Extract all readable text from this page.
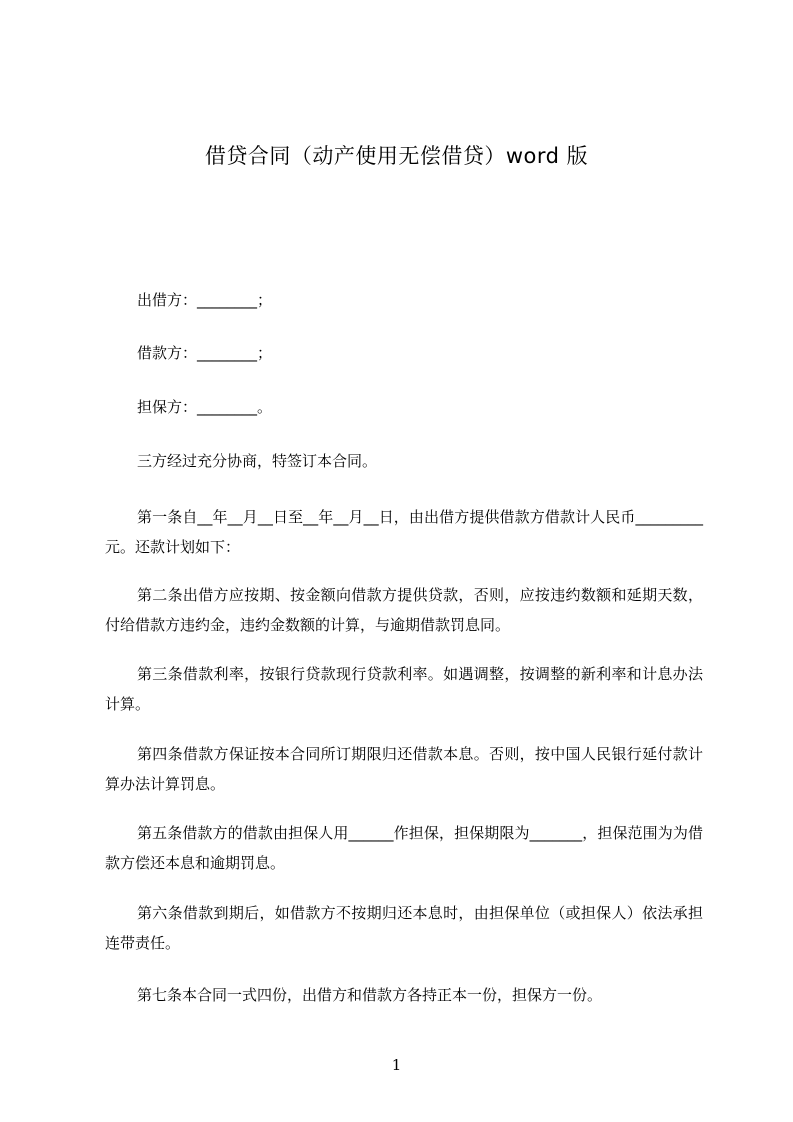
借贷合同（动产使用无偿借贷）word 版
出借方：________；
借款方：________；
担保方：________。
三方经过充分协商，特签订本合同。
第一条自__年__月__日至__年__月__日，由出借方提供借款方借款计人民币_________元。还款计划如下：
第二条出借方应按期、按金额向借款方提供贷款，否则，应按违约数额和延期天数，付给借款方违约金，违约金数额的计算，与逾期借款罚息同。
第三条借款利率，按银行贷款现行贷款利率。如遇调整，按调整的新利率和计息办法计算。
第四条借款方保证按本合同所订期限归还借款本息。否则，按中国人民银行延付款计算办法计算罚息。
第五条借款方的借款由担保人用______作担保，担保期限为_______，担保范围为为借款方偿还本息和逾期罚息。
第六条借款到期后，如借款方不按期归还本息时，由担保单位（或担保人）依法承担连带责任。
第七条本合同一式四份，出借方和借款方各持正本一份，担保方一份。
1
